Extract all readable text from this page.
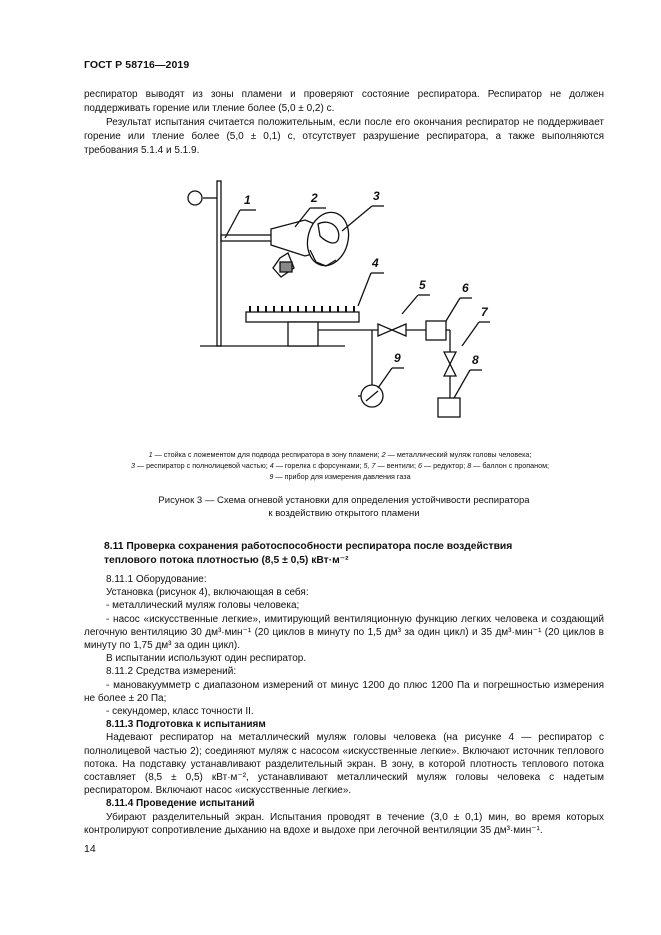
ГОСТ Р 58716—2019

респиратор выводят из зоны пламени и проверяют состояние респиратора. Респиратор не должен поддерживать горение или тление более (5,0 ± 0,2) с.

Результат испытания считается положительным, если после его окончания респиратор не поддерживает горение или тление более (5,0 ± 0,1) с, отсутствует разрушение респиратора, а также выполняются требования 5.1.4 и 5.1.9.

1	2	3
4
5	6
7
8
9
1 — стойка с ложементом для подвода респиратора в зону пламени; 2 — металлический муляж головы человека;
3 — респиратор с полнолицевой частью; 4 — горелка с форсунками; 5, 7 — вентили; 6 — редуктор; 8 — баллон с пропаном;
9 — прибор для измерения давления газа
Рисунок 3 — Схема огневой установки для определения устойчивости респиратора
к воздействию открытого пламени
8.11 Проверка сохранения работоспособности респиратора после воздействия
теплового потока плотностью (8,5 ± 0,5) кВт·м⁻²

8.11.1 Оборудование:

Установка (рисунок 4), включающая в себя:

- металлический муляж головы человека;

- насос «искусственные легкие», имитирующий вентиляционную функцию легких человека и создающий легочную вентиляцию 30 дм³·мин⁻¹ (20 циклов в минуту по 1,5 дм³ за один цикл) и 35 дм³·мин⁻¹ (20 циклов в минуту по 1,75 дм³ за один цикл).

В испытании используют один респиратор.

8.11.2 Средства измерений:

- мановакуумметр с диапазоном измерений от минус 1200 до плюс 1200 Па и погрешностью измерения не более ± 20 Па;

- секундомер, класс точности II.

8.11.3 Подготовка к испытаниям

Надевают респиратор на металлический муляж головы человека (на рисунке 4 — респиратор с полнолицевой частью 2); соединяют муляж с насосом «искусственные легкие». Включают источник теплового потока. На подставку устанавливают разделительный экран. В зону, в которой плотность теплового потока составляет (8,5 ± 0,5) кВт·м⁻², устанавливают металлический муляж головы человека с надетым респиратором. Включают насос «искусственные легкие».

8.11.4 Проведение испытаний

Убирают разделительный экран. Испытания проводят в течение (3,0 ± 0,1) мин, во время которых контролируют сопротивление дыханию на вдохе и выдохе при легочной вентиляции 35 дм³·мин⁻¹.

14
